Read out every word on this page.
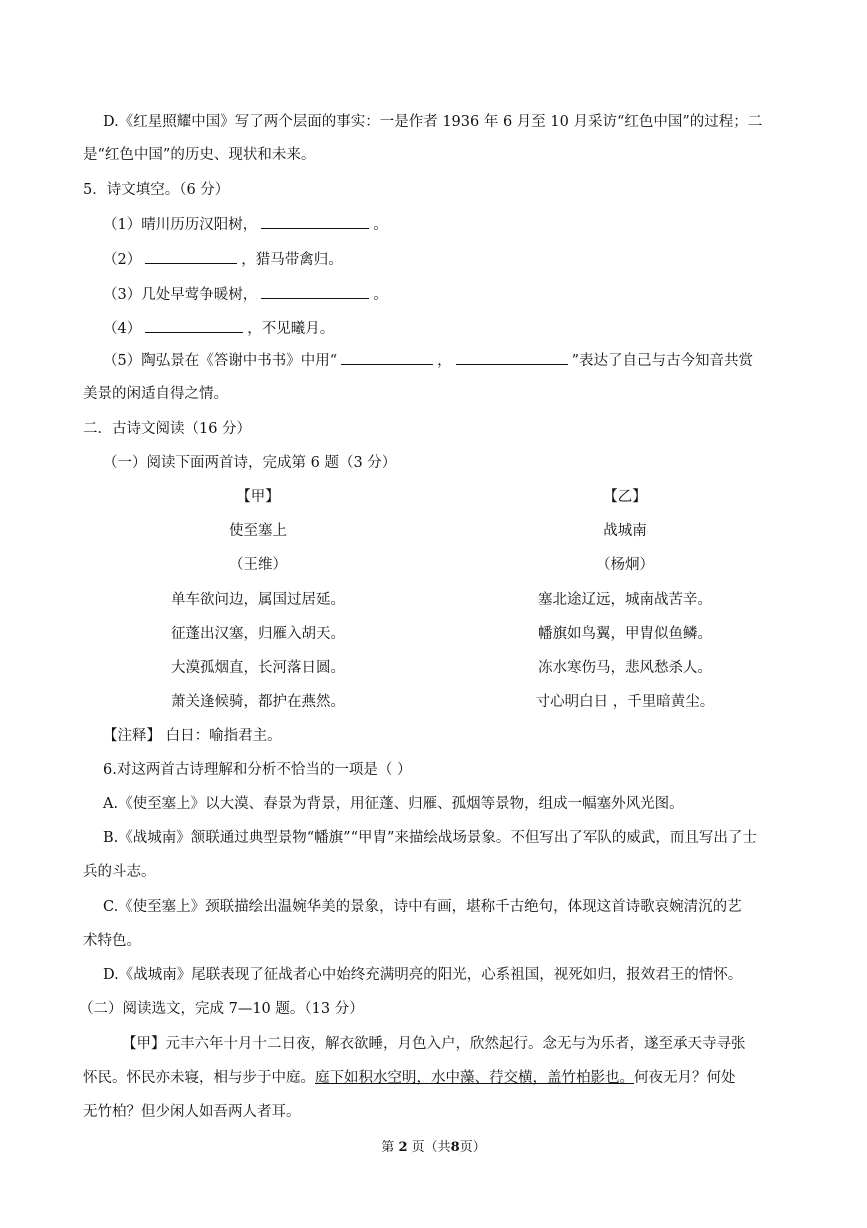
D.《红星照耀中国》写了两个层面的事实：一是作者 1936 年 6 月至 10 月采访“红色中国”的过程；二
是“红色中国”的历史、现状和未来。
5．诗文填空。（6 分）
（1）晴川历历汉阳树，	。
（2）	，猎马带禽归。
（3）几处早莺争暖树，	。
（4）	，不见曦月。
（5）陶弘景在《答谢中书书》中用“	，	”表达了自己与古今知音共赏
美景的闲适自得之情。
二．古诗文阅读（16 分）
（一）阅读下面两首诗，完成第 6 题（3 分）
【甲】
使至塞上
（王维）
单车欲问边，属国过居延。
征蓬出汉塞，归雁入胡天。
大漠孤烟直，长河落日圆。
萧关逢候骑，都护在燕然。
【乙】
战城南
（杨炯）
塞北途辽远，城南战苦辛。
幡旗如鸟翼，甲胄似鱼鳞。
冻水寒伤马，悲风愁杀人。
寸心明白日 ，千里暗黄尘。
【注释】 白日：喻指君主。
6.对这两首古诗理解和分析不恰当的一项是（ ）
A.《使至塞上》以大漠、春景为背景，用征蓬、归雁、孤烟等景物，组成一幅塞外风光图。
B.《战城南》颔联通过典型景物“幡旗”“甲胄”来描绘战场景象。不但写出了军队的威武，而且写出了士
兵的斗志。
C.《使至塞上》颈联描绘出温婉华美的景象，诗中有画，堪称千古绝句，体现这首诗歌哀婉清沉的艺
术特色。
D.《战城南》尾联表现了征战者心中始终充满明亮的阳光，心系祖国，视死如归，报效君王的情怀。
（二）阅读选文，完成 7—10 题。（13 分）
【甲】元丰六年十月十二日夜，解衣欲睡，月色入户，欣然起行。念无与为乐者，遂至承天寺寻张
怀民。怀民亦未寝，相与步于中庭。庭下如积水空明，水中藻、荇交横，盖竹柏影也。何夜无月？何处
无竹柏？但少闲人如吾两人者耳。
第 2 页（共8页）
